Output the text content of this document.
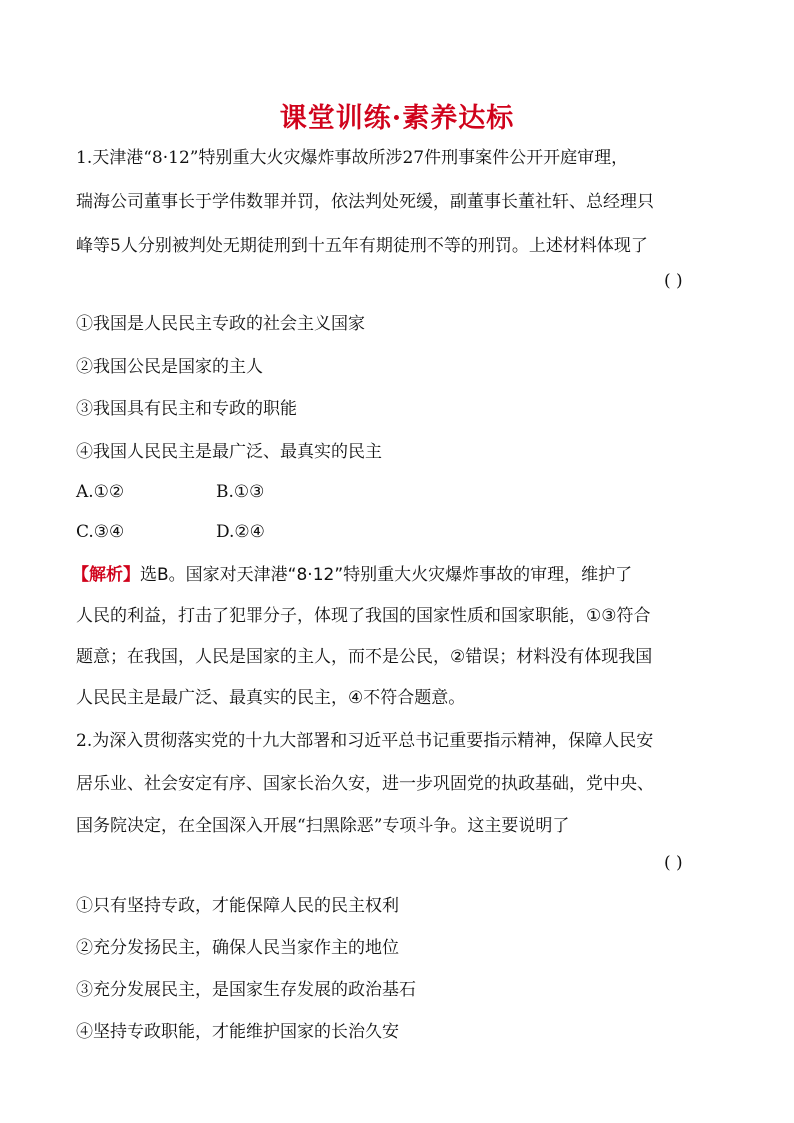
课堂训练·素养达标
1.天津港“8·12”特别重大火灾爆炸事故所涉27件刑事案件公开开庭审理，
瑞海公司董事长于学伟数罪并罚，依法判处死缓，副董事长董社轩、总经理只
峰等5人分别被判处无期徒刑到十五年有期徒刑不等的刑罚。上述材料体现了
( )
①我国是人民民主专政的社会主义国家
②我国公民是国家的主人
③我国具有民主和专政的职能
④我国人民民主是最广泛、最真实的民主
A.①②	B.①③
C.③④	D.②④
【解析】选B。国家对天津港“8·12”特别重大火灾爆炸事故的审理，维护了
人民的利益，打击了犯罪分子，体现了我国的国家性质和国家职能，①③符合
题意；在我国，人民是国家的主人，而不是公民，②错误；材料没有体现我国
人民民主是最广泛、最真实的民主，④不符合题意。
2.为深入贯彻落实党的十九大部署和习近平总书记重要指示精神，保障人民安
居乐业、社会安定有序、国家长治久安，进一步巩固党的执政基础，党中央、
国务院决定，在全国深入开展“扫黑除恶”专项斗争。这主要说明了
( )
①只有坚持专政，才能保障人民的民主权利
②充分发扬民主，确保人民当家作主的地位
③充分发展民主，是国家生存发展的政治基石
④坚持专政职能，才能维护国家的长治久安
